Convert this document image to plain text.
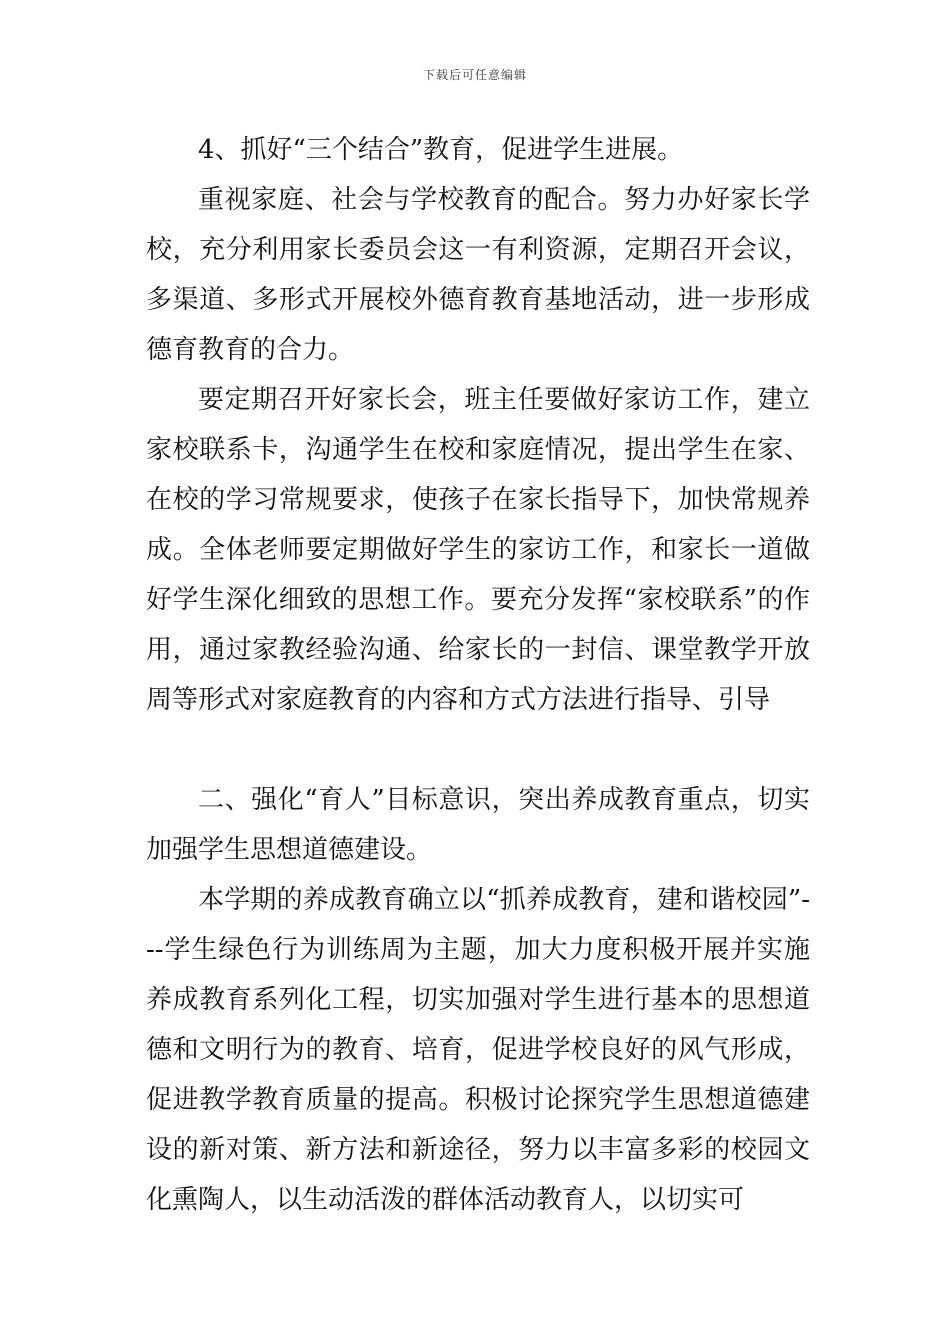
下载后可任意编辑

4、抓好“三个结合”教育，促进学生进展。

重视家庭、社会与学校教育的配合。努力办好家长学校，充分利用家长委员会这一有利资源，定期召开会议，多渠道、多形式开展校外德育教育基地活动，进一步形成德育教育的合力。

要定期召开好家长会，班主任要做好家访工作，建立家校联系卡，沟通学生在校和家庭情况，提出学生在家、在校的学习常规要求，使孩子在家长指导下，加快常规养成。全体老师要定期做好学生的家访工作，和家长一道做好学生深化细致的思想工作。要充分发挥“家校联系”的作用，通过家教经验沟通、给家长的一封信、课堂教学开放周等形式对家庭教育的内容和方式方法进行指导、引导

二、强化“育人”目标意识，突出养成教育重点，切实加强学生思想道德建设。

本学期的养成教育确立以“抓养成教育，建和谐校园”---学生绿色行为训练周为主题，加大力度积极开展并实施养成教育系列化工程，切实加强对学生进行基本的思想道德和文明行为的教育、培育，促进学校良好的风气形成，促进教学教育质量的提高。积极讨论探究学生思想道德建设的新对策、新方法和新途径，努力以丰富多彩的校园文化熏陶人，以生动活泼的群体活动教育人，以切实可
